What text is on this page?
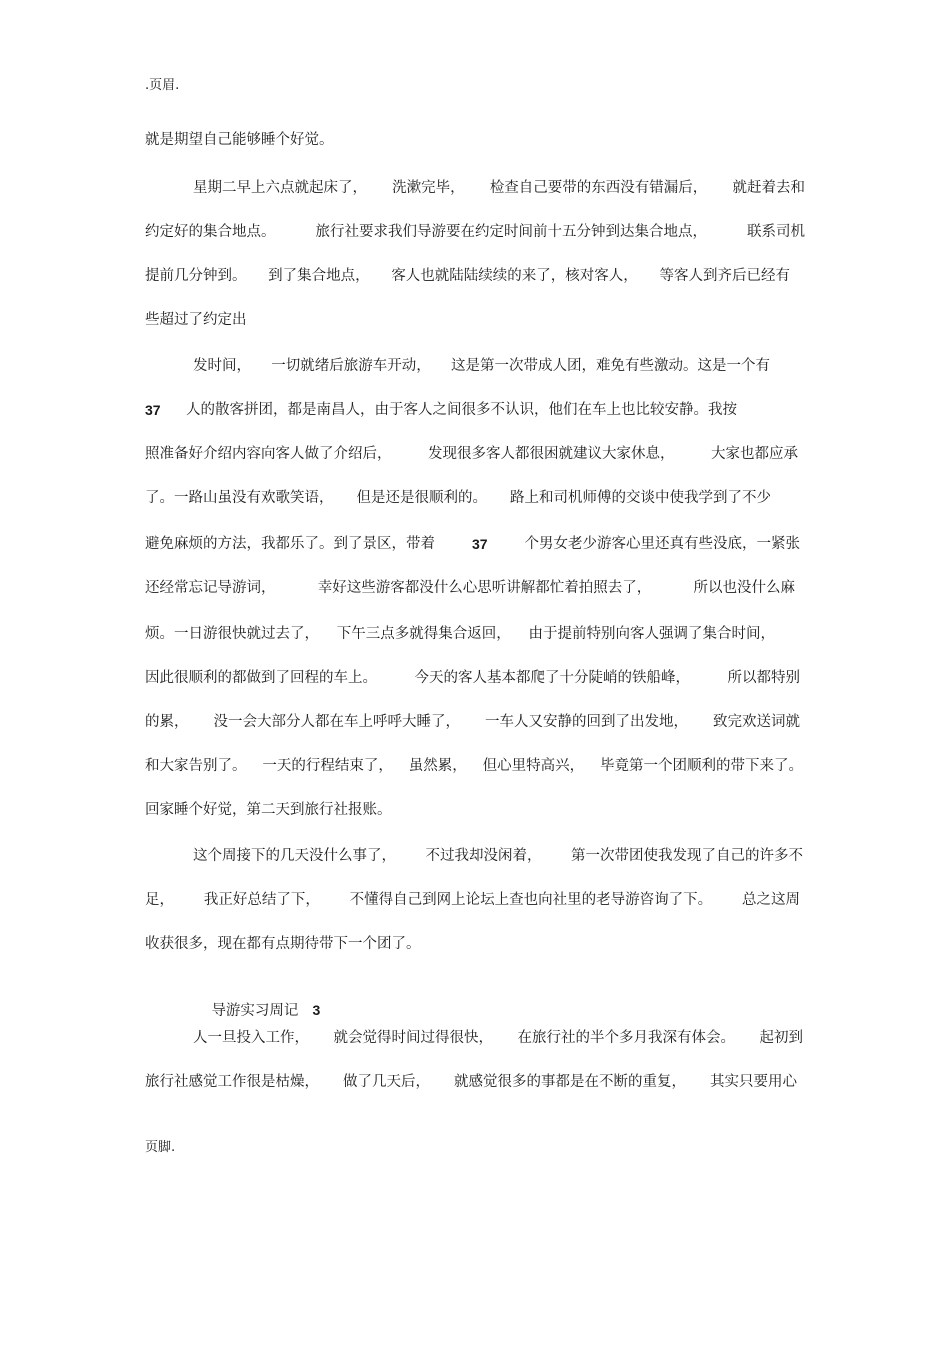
.页眉.
就是期望自己能够睡个好觉。
星期二早上六点就起床了， 洗漱完毕， 检查自己要带的东西没有错漏后， 就赶着去和
约定好的集合地点。	旅行社要求我们导游要在约定时间前十五分钟到达集合地点，	联系司机
提前几分钟到。 到了集合地点， 客人也就陆陆续续的来了，核对客人， 等客人到齐后已经有
些超过了约定出
发时间， 一切就绪后旅游车开动， 这是第一次带成人团，难免有些激动。这是一个有
37 人的散客拼团，都是南昌人，由于客人之间很多不认识，他们在车上也比较安静。我按
照准备好介绍内容向客人做了介绍后，	发现很多客人都很困就建议大家休息，	大家也都应承
了。一路山虽没有欢歌笑语， 但是还是很顺利的。 路上和司机师傅的交谈中使我学到了不少
避免麻烦的方法，我都乐了。到了景区，带着	37	个男女老少游客心里还真有些没底，一紧张
还经常忘记导游词，	幸好这些游客都没什么心思听讲解都忙着拍照去了，	所以也没什么麻
烦。一日游很快就过去了， 下午三点多就得集合返回， 由于提前特别向客人强调了集合时间，
因此很顺利的都做到了回程的车上。	今天的客人基本都爬了十分陡峭的铁船峰，	所以都特别
的累， 没一会大部分人都在车上呼呼大睡了， 一车人又安静的回到了出发地， 致完欢送词就
和大家告别了。 一天的行程结束了， 虽然累， 但心里特高兴， 毕竟第一个团顺利的带下来了。
回家睡个好觉，第二天到旅行社报账。
这个周接下的几天没什么事了， 不过我却没闲着， 第一次带团使我发现了自己的许多不
足， 我正好总结了下， 不懂得自己到网上论坛上查也向社里的老导游咨询了下。 总之这周
收获很多，现在都有点期待带下一个团了。

导游实习周记 3

人一旦投入工作， 就会觉得时间过得很快， 在旅行社的半个多月我深有体会。 起初到
旅行社感觉工作很是枯燥， 做了几天后， 就感觉很多的事都是在不断的重复， 其实只要用心
页脚.
